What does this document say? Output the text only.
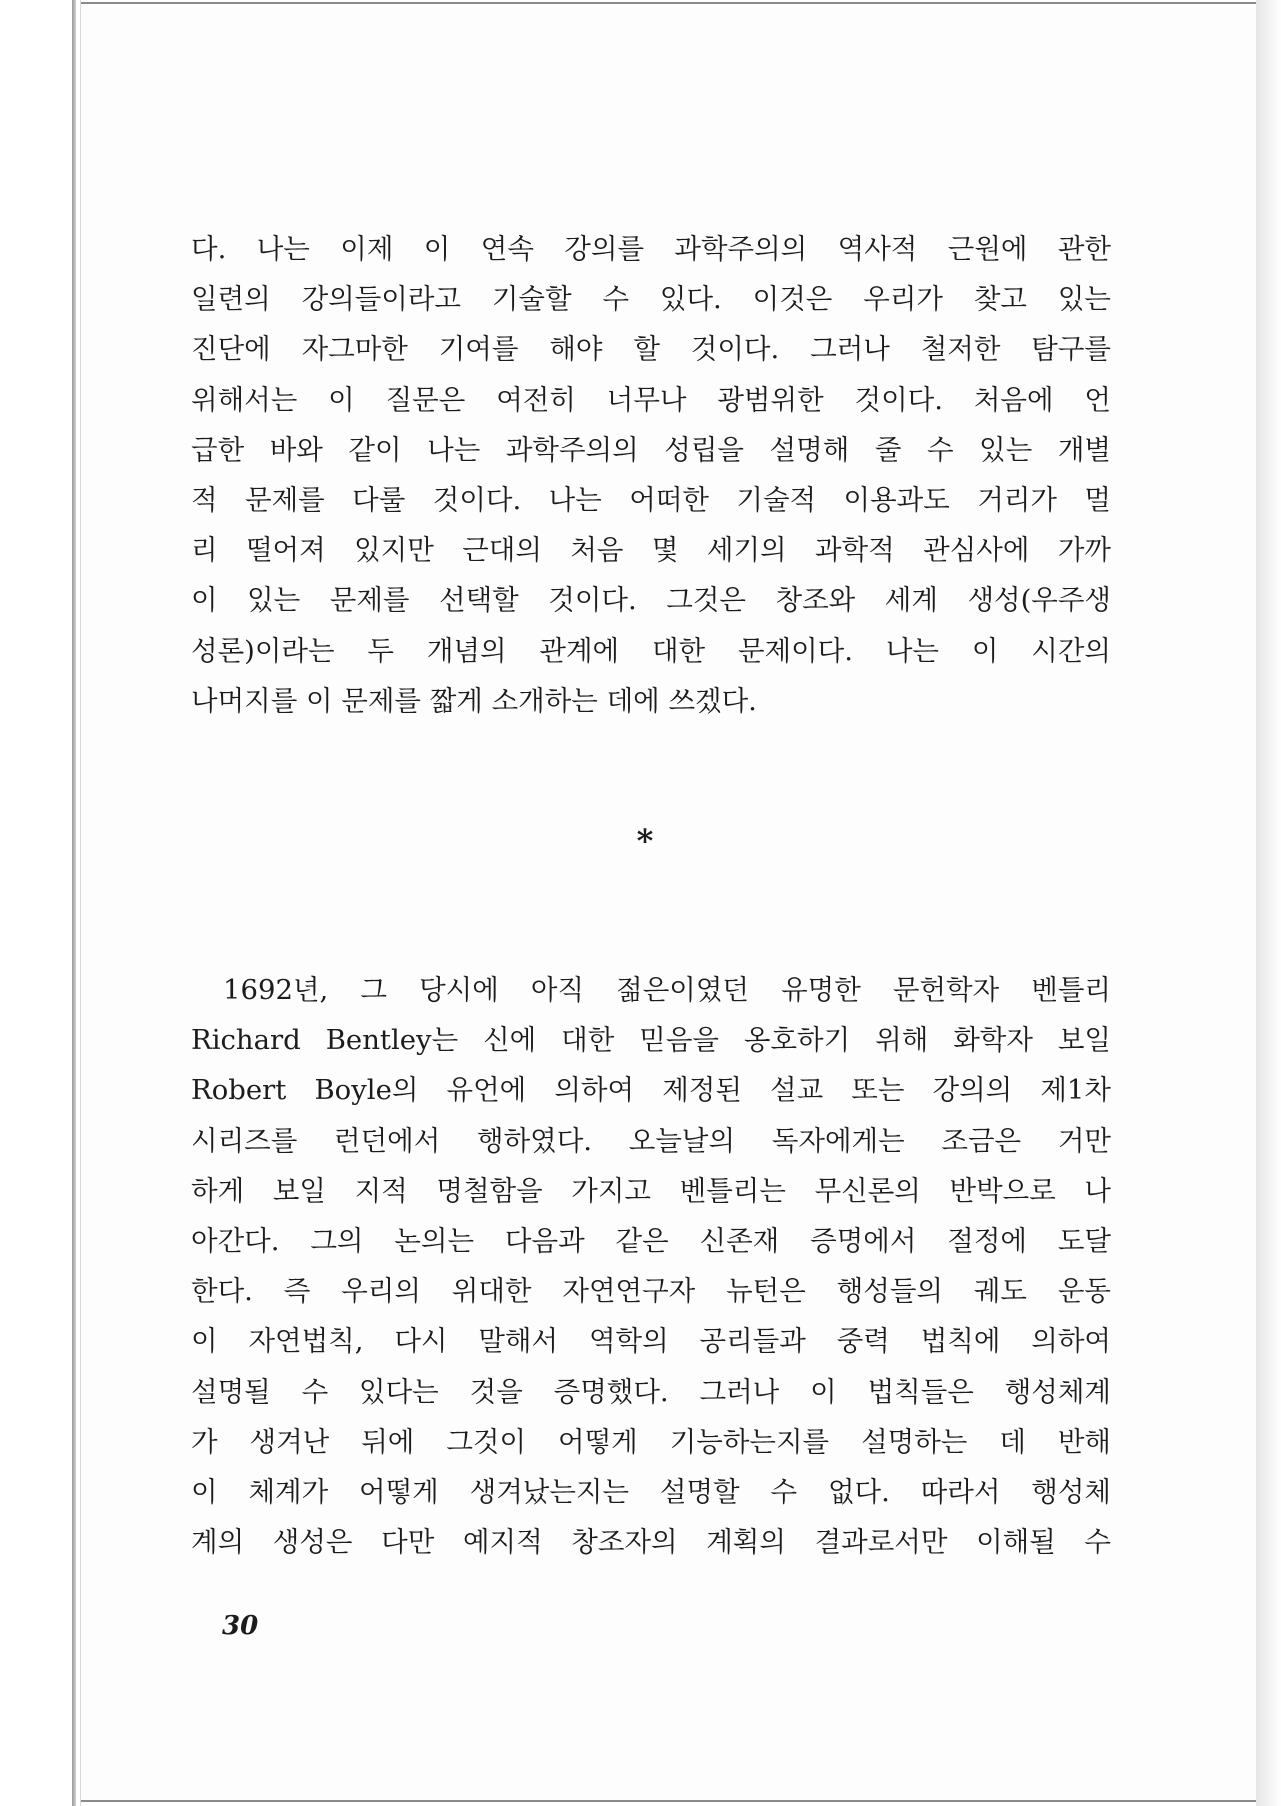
다. 나는 이제 이 연속 강의를 과학주의의 역사적 근원에 관한
일련의 강의들이라고 기술할 수 있다. 이것은 우리가 찾고 있는
진단에 자그마한 기여를 해야 할 것이다. 그러나 철저한 탐구를
위해서는 이 질문은 여전히 너무나 광범위한 것이다. 처음에 언
급한 바와 같이 나는 과학주의의 성립을 설명해 줄 수 있는 개별
적 문제를 다룰 것이다. 나는 어떠한 기술적 이용과도 거리가 멀
리 떨어져 있지만 근대의 처음 몇 세기의 과학적 관심사에 가까
이 있는 문제를 선택할 것이다. 그것은 창조와 세계 생성(우주생
성론)이라는 두 개념의 관계에 대한 문제이다. 나는 이 시간의
나머지를 이 문제를 짧게 소개하는 데에 쓰겠다.
*
1692년, 그 당시에 아직 젊은이였던 유명한 문헌학자 벤틀리
Richard Bentley는 신에 대한 믿음을 옹호하기 위해 화학자 보일
Robert Boyle의 유언에 의하여 제정된 설교 또는 강의의 제1차
시리즈를 런던에서 행하였다. 오늘날의 독자에게는 조금은 거만
하게 보일 지적 명철함을 가지고 벤틀리는 무신론의 반박으로 나
아간다. 그의 논의는 다음과 같은 신존재 증명에서 절정에 도달
한다. 즉 우리의 위대한 자연연구자 뉴턴은 행성들의 궤도 운동
이 자연법칙, 다시 말해서 역학의 공리들과 중력 법칙에 의하여
설명될 수 있다는 것을 증명했다. 그러나 이 법칙들은 행성체계
가 생겨난 뒤에 그것이 어떻게 기능하는지를 설명하는 데 반해
이 체계가 어떻게 생겨났는지는 설명할 수 없다. 따라서 행성체
계의 생성은 다만 예지적 창조자의 계획의 결과로서만 이해될 수
30
